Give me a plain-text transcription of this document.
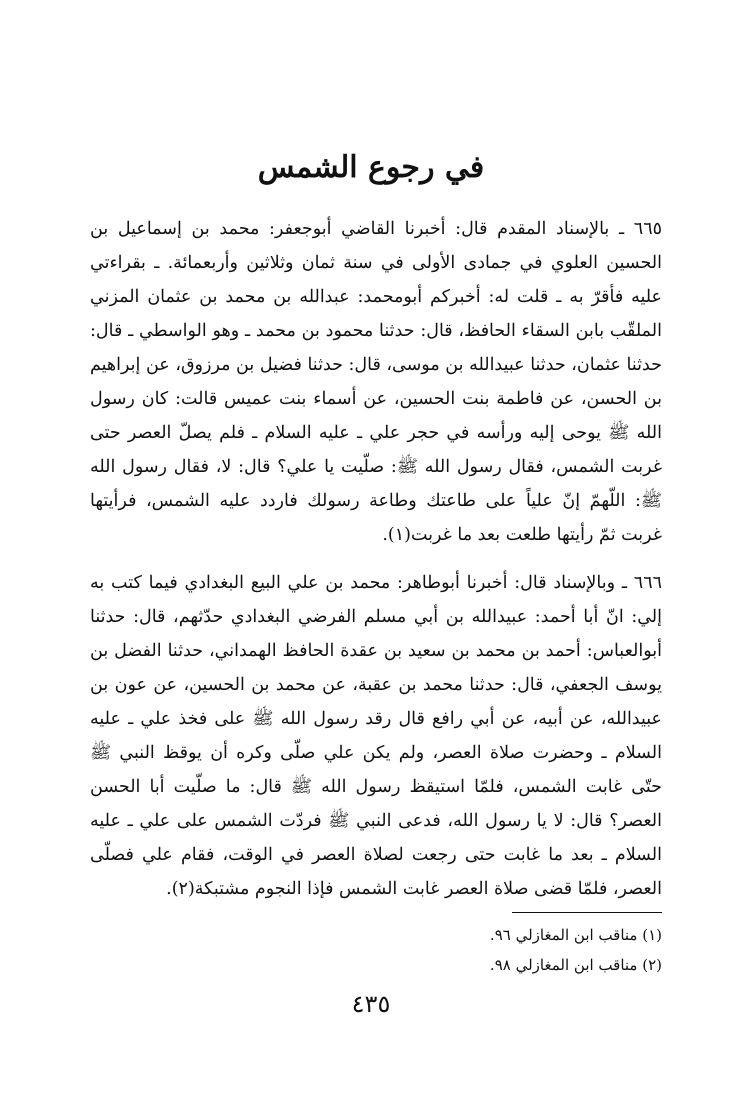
في رجوع الشمس

٦٦٥ ـ بالإسناد المقدم قال: أخبرنا القاضي أبوجعفر: محمد بن إسماعيل بن الحسين العلوي في جمادى الأولى في سنة ثمان وثلاثين وأربعمائة. ـ بقراءتي عليه فأقرّ به ـ قلت له: أخبركم أبومحمد: عبدالله بن محمد بن عثمان المزني الملقّب بابن السقاء الحافظ، قال: حدثنا محمود بن محمد ـ وهو الواسطي ـ قال: حدثنا عثمان، حدثنا عبيدالله بن موسى، قال: حدثنا فضيل بن مرزوق، عن إبراهيم بن الحسن، عن فاطمة بنت الحسين، عن أسماء بنت عميس قالت: كان رسول الله ﷺ يوحى إليه ورأسه في حجر علي ـ عليه السلام ـ فلم يصلّ العصر حتى غربت الشمس، فقال رسول الله ﷺ: صلّيت يا علي؟ قال: لا، فقال رسول الله ﷺ: اللّهمّ إنّ علياً على طاعتك وطاعة رسولك فاردد عليه الشمس، فرأيتها غربت ثمّ رأيتها طلعت بعد ما غربت(١).

٦٦٦ ـ وبالإسناد قال: أخبرنا أبوطاهر: محمد بن علي البيع البغدادي فيما كتب به إلي: انّ أبا أحمد: عبيدالله بن أبي مسلم الفرضي البغدادي حدّثهم، قال: حدثنا أبوالعباس: أحمد بن محمد بن سعيد بن عقدة الحافظ الهمداني، حدثنا الفضل بن يوسف الجعفي، قال: حدثنا محمد بن عقبة، عن محمد بن الحسين، عن عون بن عبيدالله، عن أبيه، عن أبي رافع قال رقد رسول الله ﷺ على فخذ علي ـ عليه السلام ـ وحضرت صلاة العصر، ولم يكن علي صلّى وكره أن يوقظ النبي ﷺ حتّى غابت الشمس، فلمّا استيقظ رسول الله ﷺ قال: ما صلّيت أبا الحسن العصر؟ قال: لا يا رسول الله، فدعى النبي ﷺ فردّت الشمس على علي ـ عليه السلام ـ بعد ما غابت حتى رجعت لصلاة العصر في الوقت، فقام علي فصلّى العصر، فلمّا قضى صلاة العصر غابت الشمس فإذا النجوم مشتبكة(٢).

(١) مناقب ابن المغازلي ٩٦.
(٢) مناقب ابن المغازلي ٩٨.
٤٣٥
